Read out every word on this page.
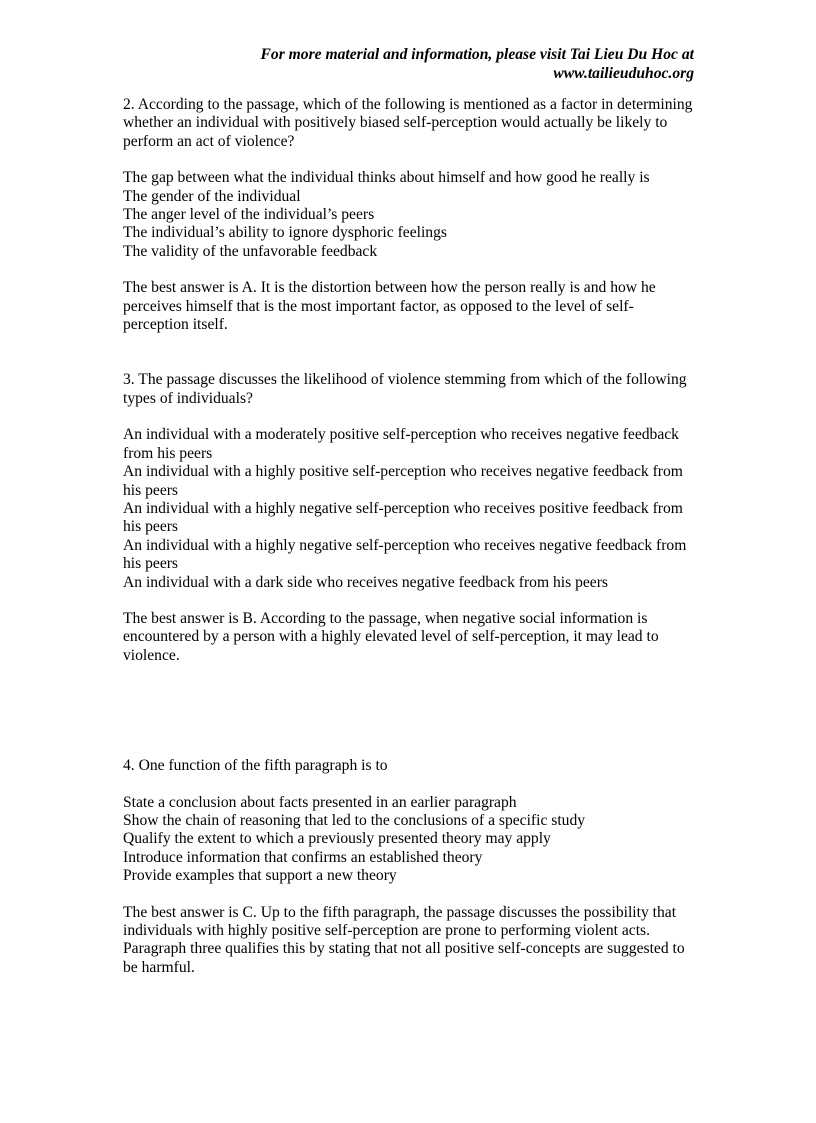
For more material and information, please visit Tai Lieu Du Hoc at
www.tailieuduhoc.org

2. According to the passage, which of the following is mentioned as a factor in determining whether an individual with positively biased self-perception would actually be likely to perform an act of violence?

The gap between what the individual thinks about himself and how good he really is

The gender of the individual

The anger level of the individual’s peers

The individual’s ability to ignore dysphoric feelings

The validity of the unfavorable feedback

The best answer is A. It is the distortion between how the person really is and how he perceives himself that is the most important factor, as opposed to the level of self-perception itself.

3. The passage discusses the likelihood of violence stemming from which of the following types of individuals?

An individual with a moderately positive self-perception who receives negative feedback from his peers

An individual with a highly positive self-perception who receives negative feedback from his peers

An individual with a highly negative self-perception who receives positive feedback from his peers

An individual with a highly negative self-perception who receives negative feedback from his peers

An individual with a dark side who receives negative feedback from his peers

The best answer is B. According to the passage, when negative social information is encountered by a person with a highly elevated level of self-perception, it may lead to violence.

4. One function of the fifth paragraph is to

State a conclusion about facts presented in an earlier paragraph

Show the chain of reasoning that led to the conclusions of a specific study

Qualify the extent to which a previously presented theory may apply

Introduce information that confirms an established theory

Provide examples that support a new theory

The best answer is C. Up to the fifth paragraph, the passage discusses the possibility that individuals with highly positive self-perception are prone to performing violent acts. Paragraph three qualifies this by stating that not all positive self-concepts are suggested to be harmful.
